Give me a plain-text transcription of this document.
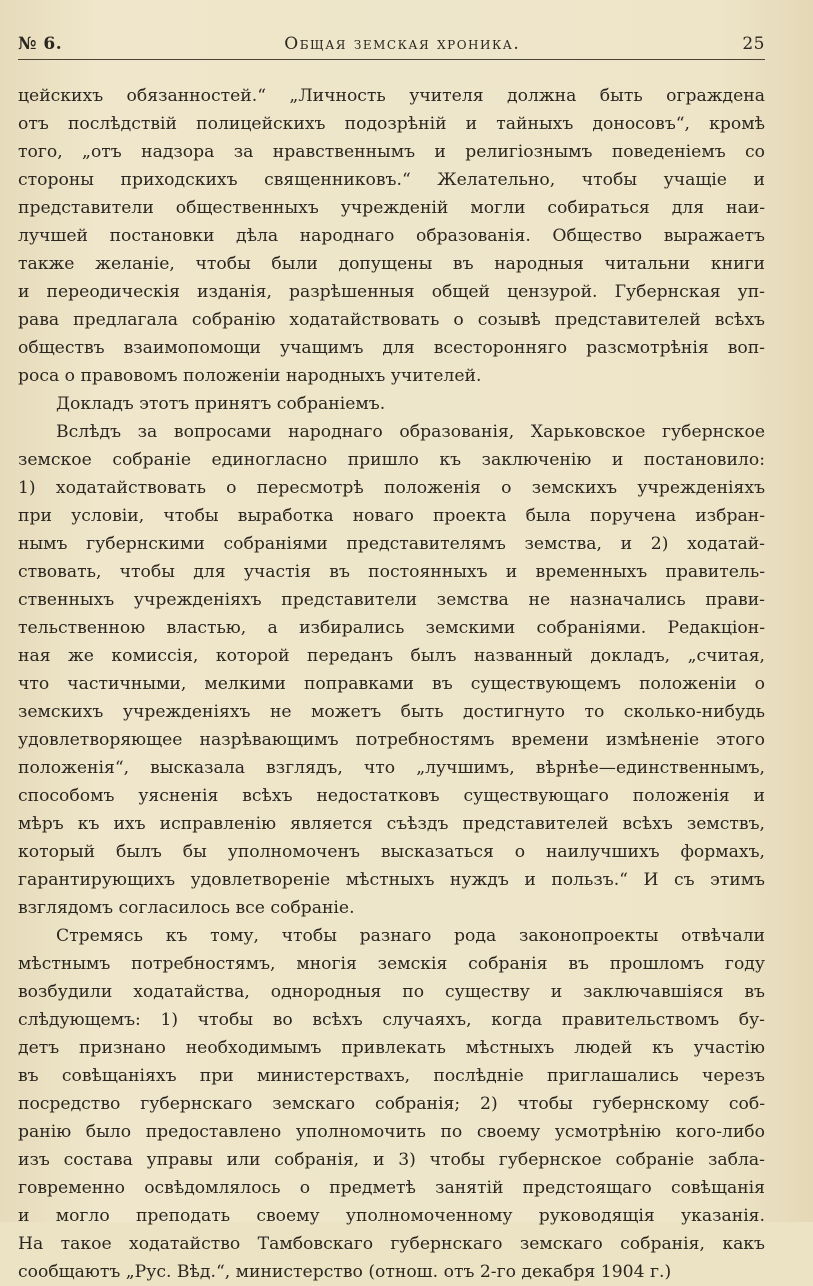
№ 6.	Общая земская хроника.	25
цейскихъ обязанностей.“ „Личность учителя должна быть ограждена
отъ послѣдствій полицейскихъ подозрѣній и тайныхъ доносовъ“, кромѣ
того, „отъ надзора за нравственнымъ и религіознымъ поведеніемъ со
стороны приходскихъ священниковъ.“ Желательно, чтобы учащіе и
представители общественныхъ учрежденій могли собираться для наи-
лучшей постановки дѣла народнаго образованія. Общество выражаетъ
также желаніе, чтобы были допущены въ народныя читальни книги
и переодическія изданія, разрѣшенныя общей цензурой. Губернская уп-
рава предлагала собранію ходатайствовать о созывѣ представителей всѣхъ
обществъ взаимопомощи учащимъ для всесторонняго разсмотрѣнія воп-
роса о правовомъ положеніи народныхъ учителей.
Докладъ этотъ принятъ собраніемъ.
Вслѣдъ за вопросами народнаго образованія, Харьковское губернское
земское собраніе единогласно пришло къ заключенію и постановило:
1) ходатайствовать о пересмотрѣ положенія о земскихъ учрежденіяхъ
при условіи, чтобы выработка новаго проекта была поручена избран-
нымъ губернскими собраніями представителямъ земства, и 2) ходатай-
ствовать, чтобы для участія въ постоянныхъ и временныхъ правитель-
ственныхъ учрежденіяхъ представители земства не назначались прави-
тельственною властью, а избирались земскими собраніями. Редакціон-
ная же комиссія, которой переданъ былъ названный докладъ, „считая,
что частичными, мелкими поправками въ существующемъ положеніи о
земскихъ учрежденіяхъ не можетъ быть достигнуто то сколько-нибудь
удовлетворяющее назрѣвающимъ потребностямъ времени измѣненіе этого
положенія“, высказала взглядъ, что „лучшимъ, вѣрнѣе—единственнымъ,
способомъ уясненія всѣхъ недостатковъ существующаго положенія и
мѣръ къ ихъ исправленію является съѣздъ представителей всѣхъ земствъ,
который былъ бы уполномоченъ высказаться о наилучшихъ формахъ,
гарантирующихъ удовлетвореніе мѣстныхъ нуждъ и пользъ.“ И съ этимъ
взглядомъ согласилось все собраніе.
Стремясь къ тому, чтобы разнаго рода законопроекты отвѣчали
мѣстнымъ потребностямъ, многія земскія собранія въ прошломъ году
возбудили ходатайства, однородныя по существу и заключавшіяся въ
слѣдующемъ: 1) чтобы во всѣхъ случаяхъ, когда правительствомъ бу-
детъ признано необходимымъ привлекать мѣстныхъ людей къ участію
въ совѣщаніяхъ при министерствахъ, послѣдніе приглашались черезъ
посредство губернскаго земскаго собранія; 2) чтобы губернскому соб-
ранію было предоставлено уполномочить по своему усмотрѣнію кого-либо
изъ состава управы или собранія, и 3) чтобы губернское собраніе забла-
говременно освѣдомлялось о предметѣ занятій предстоящаго совѣщанія
и могло преподать своему уполномоченному руководящія указанія.
На такое ходатайство Тамбовскаго губернскаго земскаго собранія, какъ
сообщаютъ „Рус. Вѣд.“, министерство (отнош. отъ 2-го декабря 1904 г.)
